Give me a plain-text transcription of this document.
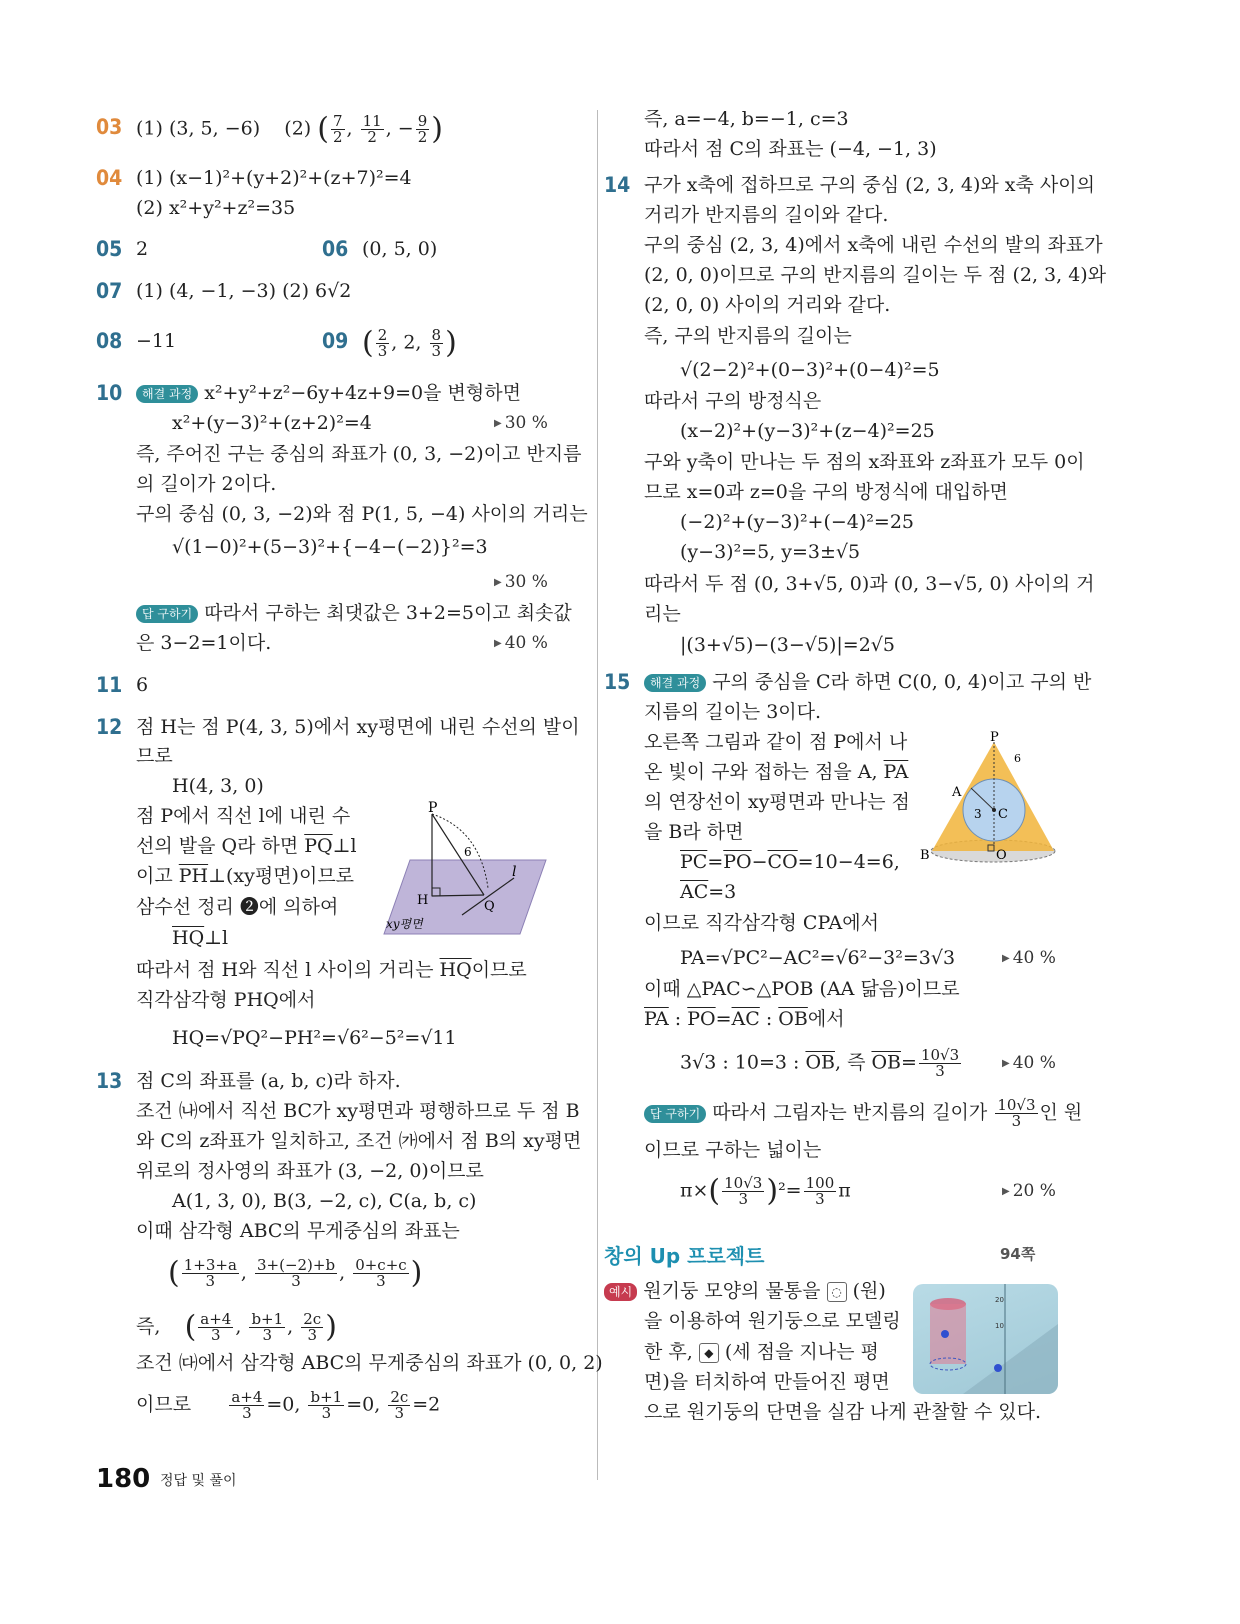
03 (1) (3, 5, −6) (2) ( $\frac{7}{2}$ , $\frac{11}{2}$ , − $\frac{9}{2}$ )
04 (1) (x−1)²+(y+2)²+(z+7)²=4
(2) x²+y²+z²=35
05 2	06 (0, 5, 0)
07 (1) (4, −1, −3) (2) 6√2
08 −11	09 ( $\frac{2}{3}$ , 2, $\frac{8}{3}$ )
10	해결 과정 x²+y²+z²−6y+4z+9=0을 변형하면
x²+(y−3)²+(z+2)²=4	▶ 30 %
즉, 주어진 구는 중심의 좌표가 (0, 3, −2)이고 반지름
의 길이가 2이다.
구의 중심 (0, 3, −2)와 점 P(1, 5, −4) 사이의 거리는
√(1−0)²+(5−3)²+{−4−(−2)}²=3
▶ 30 %
답 구하기 따라서 구하는 최댓값은 3+2=5이고 최솟값
은 3−2=1이다.	▶ 40 %
11 6
12 점 H는 점 P(4, 3, 5)에서 xy평면에 내린 수선의 발이
므로
H(4, 3, 0)
점 P에서 직선 l에 내린 수
선의 발을 Q라 하면 $\overline{PQ}\perp l$
이고 $\overline{PH}\perp(xy$평면)이므로
삼수선 정리 ❷에 의하여
$\overline{HQ}\perp l$
따라서 점 H와 직선 l 사이의 거리는 $\overline{HQ}$이므로
직각삼각형 PHQ에서
HQ=√PQ²−PH²=√6²−5²=√11
P
6
l
H	Q
xy평면
13 점 C의 좌표를 (a, b, c)라 하자.
조건 ㈏에서 직선 BC가 xy평면과 평행하므로 두 점 B
와 C의 z좌표가 일치하고, 조건 ㈎에서 점 B의 xy평면
위로의 정사영의 좌표가 (3, −2, 0)이므로
A(1, 3, 0), B(3, −2, c), C(a, b, c)
이때 삼각형 ABC의 무게중심의 좌표는
( $\frac{1+3+a}{3}$ , $\frac{3+(-2)+b}{3}$ , $\frac{0+c+c}{3}$ )
즉, ( $\frac{a+4}{3}$ , $\frac{b+1}{3}$ , $\frac{2c}{3}$ )
조건 ㈐에서 삼각형 ABC의 무게중심의 좌표가 (0, 0, 2)
이므로	$\frac{a+4}{3} =0$, $\frac{b+1}{3} =0$, $\frac{2c}{3} =2$
즉, a=−4, b=−1, c=3
따라서 점 C의 좌표는 (−4, −1, 3)
14 구가 x축에 접하므로 구의 중심 (2, 3, 4)와 x축 사이의
거리가 반지름의 길이와 같다.
구의 중심 (2, 3, 4)에서 x축에 내린 수선의 발의 좌표가
(2, 0, 0)이므로 구의 반지름의 길이는 두 점 (2, 3, 4)와
(2, 0, 0) 사이의 거리와 같다.
즉, 구의 반지름의 길이는
√(2−2)²+(0−3)²+(0−4)²=5
따라서 구의 방정식은
(x−2)²+(y−3)²+(z−4)²=25
구와 y축이 만나는 두 점의 x좌표와 z좌표가 모두 0이
므로 x=0과 z=0을 구의 방정식에 대입하면
(−2)²+(y−3)²+(−4)²=25
(y−3)²=5, y=3±√5
따라서 두 점 (0, 3+√5, 0)과 (0, 3−√5, 0) 사이의 거
리는
|(3+√5)−(3−√5)|=2√5
15	해결 과정 구의 중심을 C라 하면 C(0, 0, 4)이고 구의 반
지름의 길이는 3이다.
오른쪽 그림과 같이 점 P에서 나
온 빛이 구와 접하는 점을 A, $\overline{PA}$
의 연장선이 xy평면과 만나는 점
을 B라 하면
$\overline{PC}=\overline{PO}-\overline{CO}=10-4=6$,
$\overline{AC}=3$
이므로 직각삼각형 CPA에서
PA=√PC²−AC²=√6²−3²=3√3	▶ 40 %
이때 △PAC∽△POB (AA 닮음)이므로
$\overline{PA}$ : $\overline{PO}=\overline{AC}$ : $\overline{OB}$에서
3√3 : 10=3 : $\overline{OB}$, 즉 $\overline{OB}= \frac{10√3}{3}$	▶ 40 %
답 구하기 따라서 그림자는 반지름의 길이가 $\frac{10√3}{3}$ 인 원
이므로 구하는 넓이는
$\pi\times( \frac{10√3}{3} )^2= \frac{100}{3}$ π	▶ 20 %
P
6
A
3 C
B	O
창의 Up 프로젝트	94쪽
예시 원기둥 모양의 물통을 ◌ (원)
을 이용하여 원기둥으로 모델링
한 후, ◆ (세 점을 지나는 평
면)을 터치하여 만들어진 평면
으로 원기둥의 단면을 실감 나게 관찰할 수 있다.
20
10
180 정답 및 풀이
